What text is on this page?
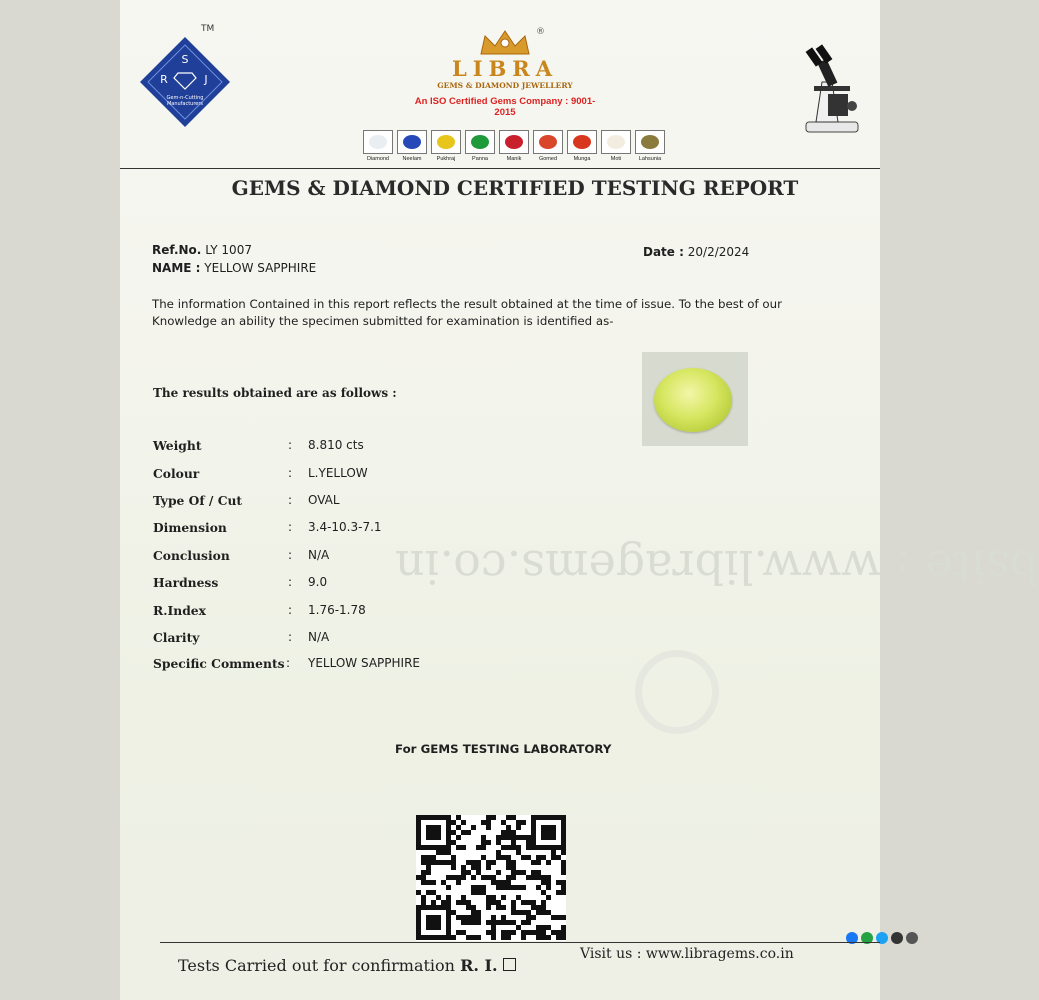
bsite : www.libragems.co.in
S
R	J
Gem-n-Cutting
Manufacturers
TM
LIBRA
GEMS & DIAMOND JEWELLERY
An ISO Certified Gems Company : 9001-2015
®
Diamond	Neelam	Pukhraj	Panna	Manik	Gomed	Munga	Moti	Lahsunia
GEMS & DIAMOND CERTIFIED TESTING REPORT
Ref.No. LY 1007	Date : 20/2/2024
NAME : YELLOW SAPPHIRE
The information Contained in this report reflects the result obtained at the time of issue. To the best of our
Knowledge an ability the specimen submitted for examination is identified as-
The results obtained are as follows :
Weight	: 8.810 cts
Colour	: L.YELLOW
Type Of / Cut	: OVAL
Dimension	: 3.4-10.3-7.1
Conclusion	: N/A
Hardness	: 9.0
R.Index	: 1.76-1.78
Clarity	: N/A
Specific Comments : YELLOW SAPPHIRE
For GEMS TESTING LABORATORY
Visit us : www.libragems.co.in
Tests Carried out for confirmation R. I.
